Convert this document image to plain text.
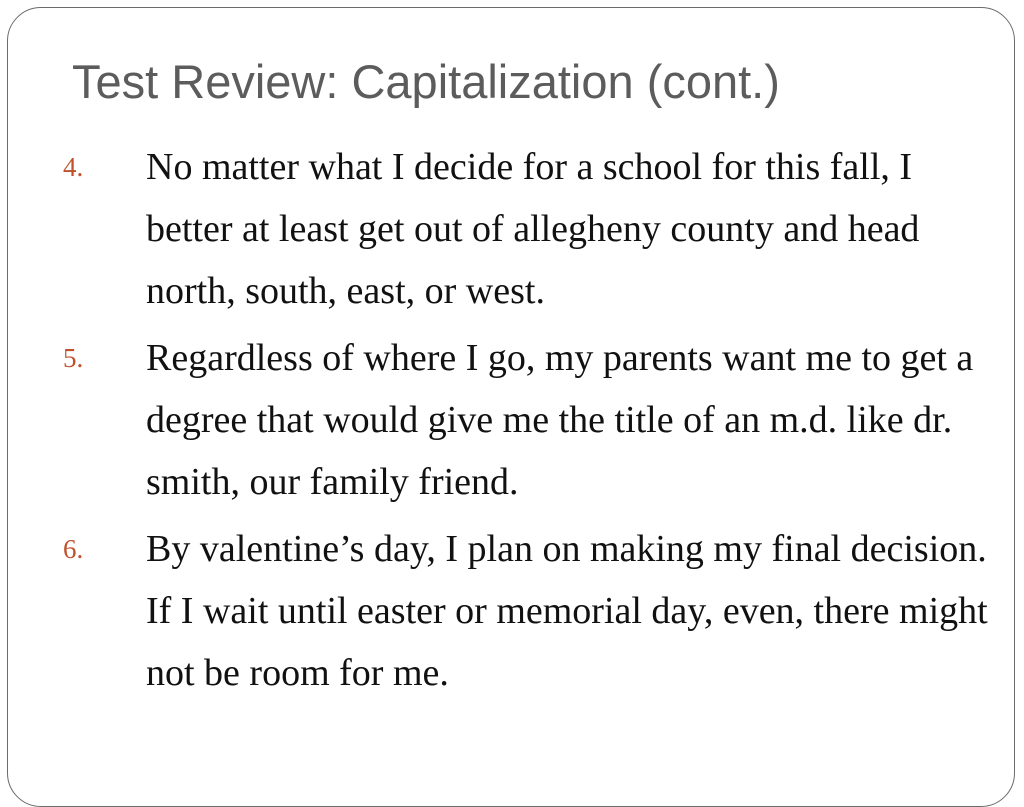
Test Review: Capitalization (cont.)
4. No matter what I decide for a school for this fall, I better at least get out of allegheny county and head north, south, east, or west.
5. Regardless of where I go, my parents want me to get a degree that would give me the title of an m.d. like dr. smith, our family friend.
6. By valentine’s day, I plan on making my final decision. If I wait until easter or memorial day, even, there might not be room for me.
